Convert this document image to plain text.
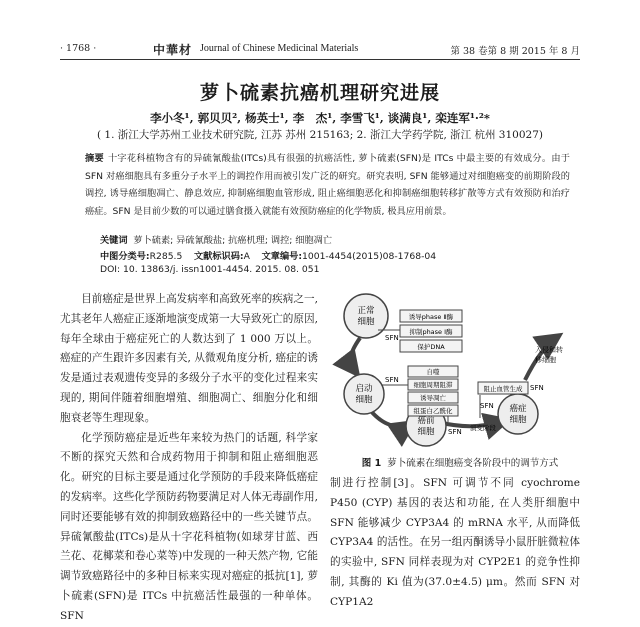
· 1768 ·	中華材 Journal of Chinese Medicinal Materials	第 38 卷第 8 期 2015 年 8 月
萝卜硫素抗癌机理研究进展
李小冬¹, 郭贝贝², 杨英士¹, 李　杰¹, 李雪飞¹, 谈满良¹, 栾连军¹·²*
( 1. 浙江大学苏州工业技术研究院, 江苏 苏州 215163; 2. 浙江大学药学院, 浙江 杭州 310027)
摘要 十字花科植物含有的异硫氰酸盐(ITCs)具有很强的抗癌活性, 萝卜硫素(SFN)是 ITCs 中最主要的有效成分。由于 SFN 对癌细胞具有多重分子水平上的调控作用而被引发广泛的研究。研究表明, SFN 能够通过对细胞癌变的前期阶段的调控, 诱导癌细胞凋亡、静息效应, 抑制癌细胞血管形成, 阻止癌细胞恶化和抑制癌细胞转移扩散等方式有效预防和治疗癌症。SFN 是目前少数的可以通过膳食摄入就能有效预防癌症的化学物质, 极具应用前景。
关键词 萝卜硫素; 异硫氰酸盐; 抗癌机理; 调控; 细胞凋亡
中图分类号:R285.5 文献标识码:A 文章编号:1001-4454(2015)08-1768-04
DOI: 10. 13863/j. issn1001-4454. 2015. 08. 051

目前癌症是世界上高发病率和高致死率的疾病之一, 尤其老年人癌症正逐渐地演变成第一大导致死亡的原因, 每年全球由于癌症死亡的人数达到了 1 000 万以上。癌症的产生跟许多因素有关, 从微观角度分析, 癌症的诱发是通过表观遗传变异的多级分子水平的变化过程来实现的, 期间伴随着细胞增殖、细胞凋亡、细胞分化和细胞衰老等生理现象。

化学预防癌症是近些年来较为热门的话题, 科学家不断的探究天然和合成药物用于抑制和阻止癌细胞恶化。研究的目标主要是通过化学预防的手段来降低癌症的发病率。这些化学预防药物要满足对人体无毒副作用, 同时还要能够有效的抑制致癌路径中的一些关键节点。异硫氰酸盐(ITCs)是从十字花科植物(如球芽甘蓝、西兰花、花椰菜和卷心菜等)中发现的一种天然产物, 它能调节致癌路径中的多种目标来实现对癌症的抵抗[1], 萝卜硫素(SFN)是 ITCs 中抗癌活性最强的一种单体。SFN

正常
细胞
启动
细胞
癌前
细胞
癌症
细胞
诱导phase Ⅱ酶
抑制phase Ⅰ酶
保护DNA
自噬
细胞周期阻滞
诱导凋亡
组蛋白乙酰化
阻止血管生成
SFN
SFN
SFN
SFN
演变阶段
入侵和转
移细胞
SFN
图 1 萝卜硫素在细胞癌变各阶段中的调节方式
制进行控制[3]。SFN 可调节不同 cyochrome P450 (CYP) 基因的表达和功能, 在人类肝细胞中 SFN 能够减少 CYP3A4 的 mRNA 水平, 从而降低 CYP3A4 的活性。在另一组丙酮诱导小鼠肝脏微粒体的实验中, SFN 同样表现为对 CYP2E1 的竞争性抑制, 其酶的 Ki 值为(37.0±4.5) μm。然而 SFN 对 CYP1A2
